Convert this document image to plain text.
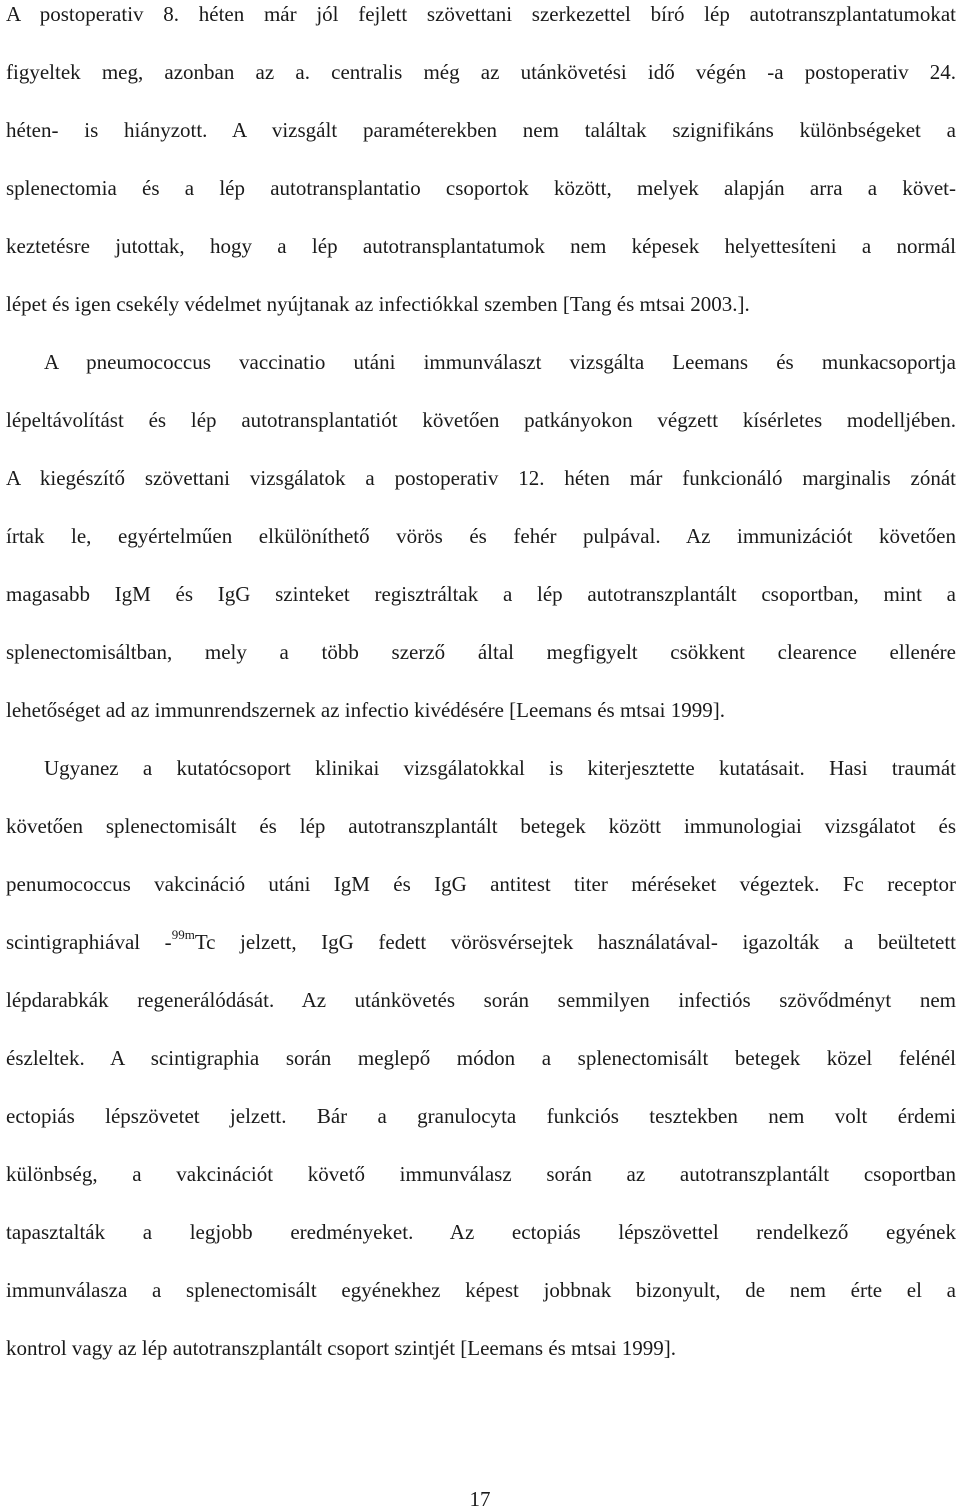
A postoperativ 8. héten már jól fejlett szövettani szerkezettel bíró lép autotranszplantatumokat
figyeltek meg, azonban az a. centralis még az utánkövetési idő végén -a postoperativ 24.
héten- is hiányzott. A vizsgált paraméterekben nem találtak szignifikáns különbségeket a
splenectomia és a lép autotransplantatio csoportok között, melyek alapján arra a követ-
keztetésre jutottak, hogy a lép autotransplantatumok nem képesek helyettesíteni a normál
lépet és igen csekély védelmet nyújtanak az infectiókkal szemben [Tang és mtsai 2003.].
A pneumococcus vaccinatio utáni immunválaszt vizsgálta Leemans és munkacsoportja
lépeltávolítást és lép autotransplantatiót követően patkányokon végzett kísérletes modelljében.
A kiegészítő szövettani vizsgálatok a postoperativ 12. héten már funkcionáló marginalis zónát
írtak le, egyértelműen elkülöníthető vörös és fehér pulpával. Az immunizációt követően
magasabb IgM és IgG szinteket regisztráltak a lép autotranszplantált csoportban, mint a
splenectomisáltban, mely a több szerző által megfigyelt csökkent clearence ellenére
lehetőséget ad az immunrendszernek az infectio kivédésére [Leemans és mtsai 1999].
Ugyanez a kutatócsoport klinikai vizsgálatokkal is kiterjesztette kutatásait. Hasi traumát
követően splenectomisált és lép autotranszplantált betegek között immunologiai vizsgálatot és
penumococcus vakcináció utáni IgM és IgG antitest titer méréseket végeztek. Fc receptor
scintigraphiával -$^{99m}$Tc jelzett, IgG fedett vörösvérsejtek használatával- igazolták a beültetett
lépdarabkák regenerálódását. Az utánkövetés során semmilyen infectiós szövődményt nem
észleltek. A scintigraphia során meglepő módon a splenectomisált betegek közel felénél
ectopiás lépszövetet jelzett. Bár a granulocyta funkciós tesztekben nem volt érdemi
különbség, a vakcinációt követő immunválasz során az autotranszplantált csoportban
tapasztalták a legjobb eredményeket. Az ectopiás lépszövettel rendelkező egyének
immunválasza a splenectomisált egyénekhez képest jobbnak bizonyult, de nem érte el a
kontrol vagy az lép autotranszplantált csoport szintjét [Leemans és mtsai 1999].
17
